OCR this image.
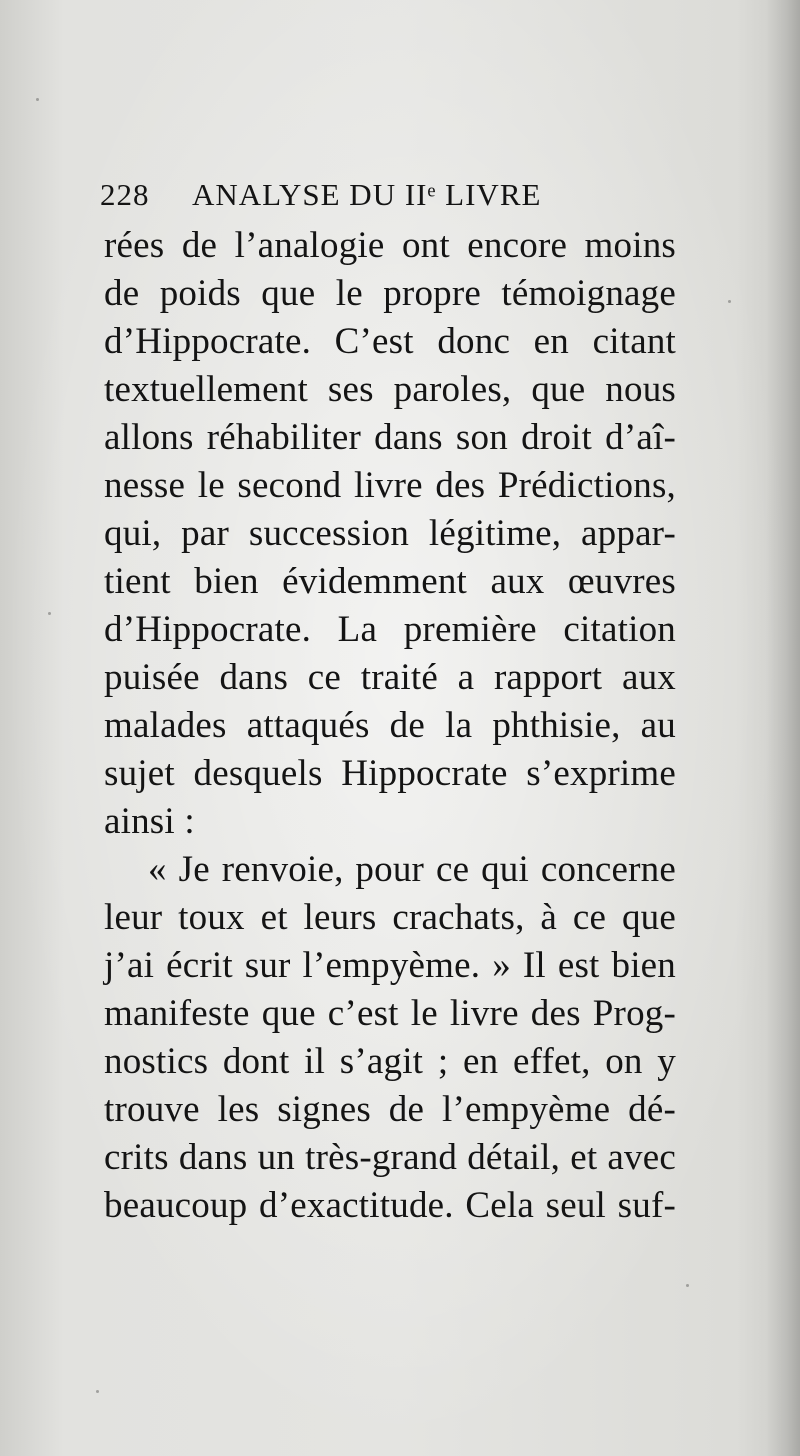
228 ANALYSE DU IIᵉ LIVRE
rées de l’analogie ont encore moins
de poids que le propre témoignage
d’Hippocrate. C’est donc en citant
textuellement ses paroles, que nous
allons réhabiliter dans son droit d’aî-
nesse le second livre des Prédictions,
qui, par succession légitime, appar-
tient bien évidemment aux œuvres
d’Hippocrate. La première citation
puisée dans ce traité a rapport aux
malades attaqués de la phthisie, au
sujet desquels Hippocrate s’exprime
ainsi :
« Je renvoie, pour ce qui concerne
leur toux et leurs crachats, à ce que
j’ai écrit sur l’empyème. » Il est bien
manifeste que c’est le livre des Prog-
nostics dont il s’agit ; en effet, on y
trouve les signes de l’empyème dé-
crits dans un très-grand détail, et avec
beaucoup d’exactitude. Cela seul suf-
